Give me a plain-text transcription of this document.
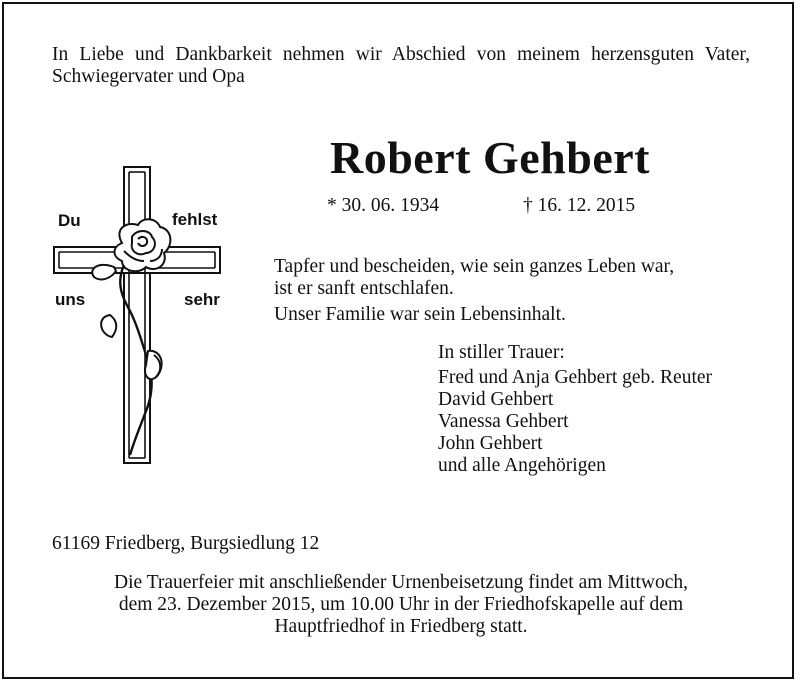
In Liebe und Dankbarkeit nehmen wir Abschied von meinem herzensguten Vater, Schwiegervater und Opa
Du	fehlst
uns	sehr
Robert Gehbert
* 30. 06. 1934	† 16. 12. 2015
Tapfer und bescheiden, wie sein ganzes Leben war,
ist er sanft entschlafen.
Unser Familie war sein Lebensinhalt.
In stiller Trauer:
Fred und Anja Gehbert geb. Reuter
David Gehbert
Vanessa Gehbert
John Gehbert
und alle Angehörigen
61169 Friedberg, Burgsiedlung 12
Die Trauerfeier mit anschließender Urnenbeisetzung findet am Mittwoch,
dem 23. Dezember 2015, um 10.00 Uhr in der Friedhofskapelle auf dem
Hauptfriedhof in Friedberg statt.
